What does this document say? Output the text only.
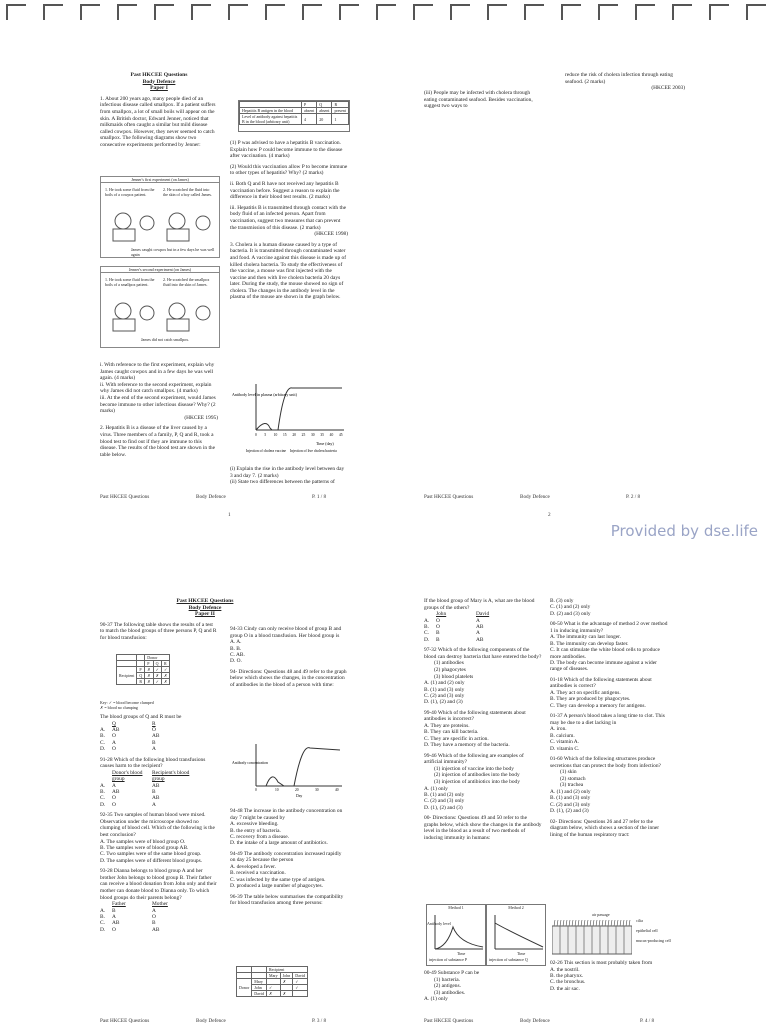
Past HKCEE Questions
Body Defence
Paper I

1. About 200 years ago, many people died of an infectious disease called smallpox. If a patient suffers from smallpox, a lot of small boils will appear on the skin. A British doctor, Edward Jenner, noticed that milkmaids often caught a similar but mild disease called cowpox. However, they never seemed to catch smallpox. The following diagrams show two consecutive experiments performed by Jenner:

Jenner's first experiment (on James)
1. He took some fluid from the boils of a cowpox patient.
2. He scratched the fluid into the skin of a boy called James.
James caught cowpox but in a few days he was well again
Jenner's second experiment (on James)
1. He took some fluid from the boils of a smallpox patient.
2. He scratched the smallpox fluid into the skin of James.
James did not catch smallpox.

i. With reference to the first experiment, explain why James caught cowpox and in a few days he was well again. (4 marks)

ii. With reference to the second experiment, explain why James did not catch smallpox. (4 marks)

iii. At the end of the second experiment, would James become immune to other infectious disease? Why? (2 marks)

(HKCEE 1995)

2. Hepatitis B is a disease of the liver caused by a virus. Three members of a family, P, Q and R, took a blood test to find out if they are immune to this disease. The results of the blood test are shown in the table below.

	P	Q	R
Hepatitis B antigen in the blood	absent	absent	present
Level of antibody against hepatitis B in the blood (arbitrary unit)	4	20	1

(1) P was advised to have a hepatitis B vaccination. Explain how P could become immune to the disease after vaccination. (4 marks)

(2) Would this vaccination allow P to become immune to other types of hepatitis? Why? (2 marks)

ii. Both Q and R have not received any hepatitis B vaccination before. Suggest a reason to explain the difference in their blood test results. (2 marks)

iii. Hepatitis B is transmitted through contact with the body fluid of an infected person. Apart from vaccination, suggest two measures that can prevent the transmission of this disease. (2 marks)

(HKCEE 1998)

3. Cholera is a human disease caused by a type of bacteria. It is transmitted through contaminated water and food. A vaccine against this disease is made up of killed cholera bacteria. To study the effectiveness of the vaccine, a mouse was first injected with the vaccine and then with live cholera bacteria 20 days later. During the study, the mouse showed no sign of cholera. The changes in the antibody level in the plasma of the mouse are shown in the graph below.

0 5 10 15 20 25 30 35 40 45
Antibody level in plasma (arbitrary unit)
Time (day)
Injection of cholera vaccine Injection of live cholera bacteria

(i) Explain the rise in the antibody level between day 3 and day 7. (2 marks)

(ii) State two differences between the patterns of

Past HKCEE Questions	Body Defence	P. 1 / 8
1
(iii) People may be infected with cholera through eating contaminated seafood. Besides vaccination, suggest two ways to

reduce the risk of cholera infection through eating seafood. (2 marks)

(HKCEE 2003)

Past HKCEE Questions	Body Defence	P. 2 / 8
2
Provided by dse.life
Past HKCEE Questions
Body Defence
Paper II

90-37 The following table shows the results of a test to match the blood groups of three persons P, Q and R for blood transfusion:

		Donor		
		P	Q	R
Recipient	P	✗	✓	✓
	Q	✗	✗	✗
	R	✗	✓	✗

Key: ✓ = blood become clumped

✗ = blood no clumping

The blood groups of Q and R must be

Q	R
A.	AB	O
B.	O	AB
C.	A	B
D.	O	A

91-28 Which of the following blood transfusions causes harm to the recipient?

Donor's blood group
Recipient's blood group
A.	A	AB
B.	AB	B
C.	O	AB
D.	O	A

92-35 Two samples of human blood were mixed. Observation under the microscope showed no clumping of blood cell. Which of the following is the best conclusion?

A. The samples were of blood group O.
B. The samples were of blood group AB.
C. Two samples were of the same blood group.
D. The samples were of different blood groups.

93-28 Dianna belongs to blood group A and her brother John belongs to blood group B. Their father can receive a blood donation from John only and their mother can donate blood to Dianna only. To which blood groups do their parents belong?

Father	Mother
A.	B	A
B.	A	O
C.	AB	B
D.	O	AB

94-33 Cindy can only receive blood of group B and group O in a blood transfusion. Her blood group is

A. A.
B. B.
C. AB.
D. O.

94- Directions: Questions 48 and 49 refer to the graph below which shows the changes, in the concentration of antibodies in the blood of a person with time:

0	10	20	30	40
Antibody concentration
Day

94-48 The increase in the antibody concentration on day 7 might be caused by

A. excessive bleeding.
B. the entry of bacteria.
C. recovery from a disease.
D. the intake of a large amount of antibiotics.

94-49 The antibody concentration increased rapidly on day 25 because the person

A. developed a fever.
B. received a vaccination.
C. was infected by the same type of antigen.
D. produced a large number of phagocytes.

96-39 The table below summarises the compatibility for blood transfusion among three persons:

		Recipient		
		Mary	John	David
Donor	Mary		✗	✓
	John	✓		✓
	David	✗	✗	
Past HKCEE Questions	Body Defence	P. 3 / 8

If the blood group of Mary is A, what are the blood groups of the others?

John	David
A.	O	A
B.	O	AB
C.	B	A
D.	B	AB

97-32 Which of the following components of the blood can destroy bacteria that have entered the body?

(1) antibodies
(2) phagocytes
(3) blood platelets
A. (1) and (2) only
B. (1) and (3) only
C. (2) and (3) only
D. (1), (2) and (3)

99-40 Which of the following statements about antibodies is incorrect?

A. They are proteins.
B. They can kill bacteria.
C. They are specific in action.
D. They have a memory of the bacteria.

99-46 Which of the following are examples of artificial immunity?

(1) injection of vaccine into the body
(2) injection of antibodies into the body
(3) injection of antibiotics into the body
A. (1) only
B. (1) and (2) only
C. (2) and (3) only
D. (1), (2) and (3)

00- Directions: Questions 49 and 50 refer to the graphs below, which show the changes in the antibody level in the blood as a result of two methods of inducing immunity in humans:

Method 1
Antibody level
Time
injection of substance P
Method 2
Time
injection of substance Q

00-49 Substance P can be

(1) bacteria.
(2) antigens.
(3) antibodies.
A. (1) only
B. (3) only
C. (1) and (2) only
D. (2) and (3) only

00-50 What is the advantage of method 2 over method 1 in inducing immunity?

A. The immunity can last longer.
B. The immunity can develop faster.
C. It can stimulate the white blood cells to produce more antibodies.
D. The body can become immune against a wider range of diseases.

01-18 Which of the following statements about antibodies is correct?

A. They act on specific antigens.
B. They are produced by phagocytes.
C. They can develop a memory for antigens.

01-37 A person's blood takes a long time to clot. This may be due to a diet lacking in

A. iron.
B. calcium.
C. vitamin A.
D. vitamin C.

01-60 Which of the following structures produce secretions that can protect the body from infection?

(1) skin
(2) stomach
(3) trachea
A. (1) and (2) only
B. (1) and (3) only
C. (2) and (3) only
D. (1), (2) and (3)

02- Directions: Questions 26 and 27 refer to the diagram below, which shows a section of the inner lining of the human respiratory tract:

air passage
cilia
epithelial cell
mucus-producing cell

02-26 This section is most probably taken from

A. the nostril.
B. the pharynx.
C. the bronchus.
D. the air sac.
Past HKCEE Questions	Body Defence	P. 4 / 8
